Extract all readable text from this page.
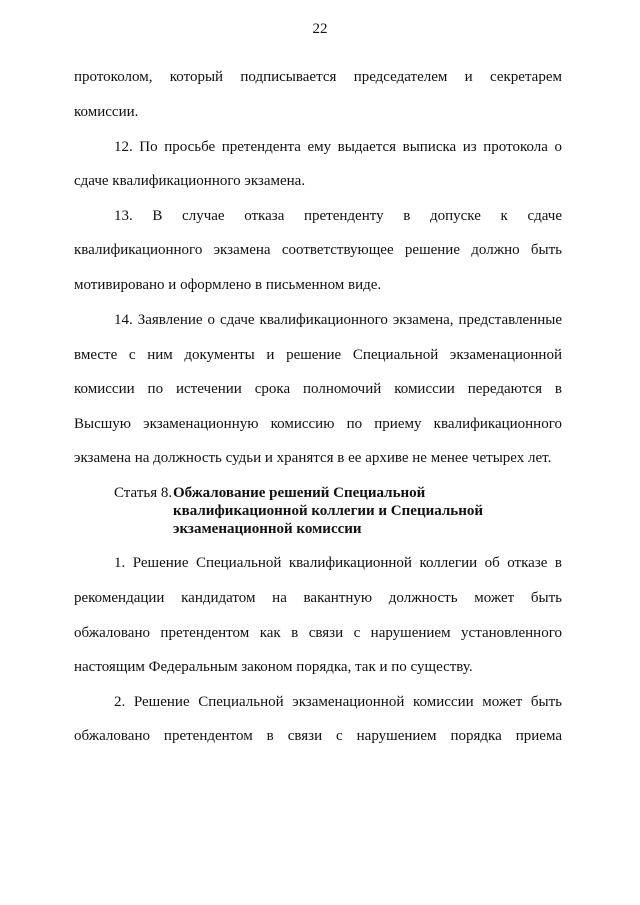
22
протоколом, который подписывается председателем и секретарем
комиссии.
12. По просьбе претендента ему выдается выписка из протокола о
сдаче квалификационного экзамена.
13. В случае отказа претенденту в допуске к сдаче
квалификационного экзамена соответствующее решение должно быть
мотивировано и оформлено в письменном виде.
14. Заявление о сдаче квалификационного экзамена, представленные
вместе с ним документы и решение Специальной экзаменационной
комиссии по истечении срока полномочий комиссии передаются в
Высшую экзаменационную комиссию по приему квалификационного
экзамена на должность судьи и хранятся в ее архиве не менее четырех лет.
Статья 8. Обжалование решений Специальной
квалификационной коллегии и Специальной
экзаменационной комиссии
1. Решение Специальной квалификационной коллегии об отказе в
рекомендации кандидатом на вакантную должность может быть
обжаловано претендентом как в связи с нарушением установленного
настоящим Федеральным законом порядка, так и по существу.
2. Решение Специальной экзаменационной комиссии может быть
обжаловано претендентом в связи с нарушением порядка приема
